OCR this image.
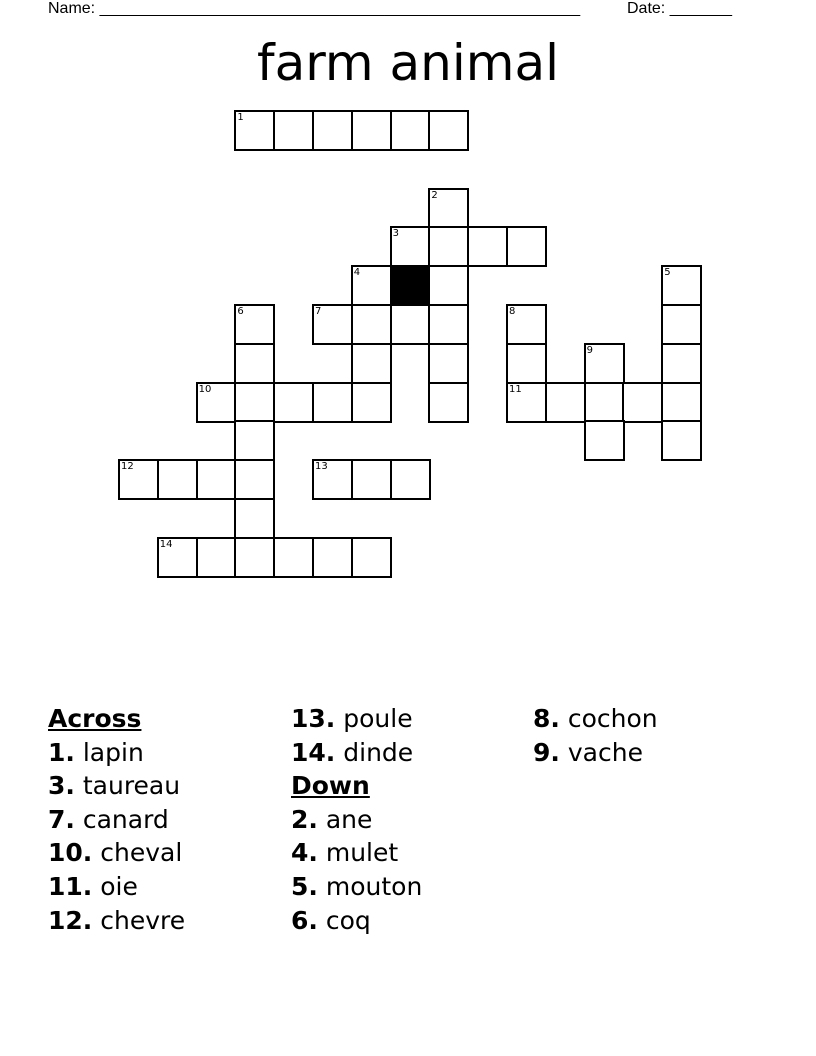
Name: ______________________________________________________	Date: _______
farm animal
1
2
3
4	5
6	7	8
9
10	11
12	13
14
Across
1. lapin
3. taureau
7. canard
10. cheval
11. oie
12. chevre
13. poule
14. dinde
Down
2. ane
4. mulet
5. mouton
6. coq
8. cochon
9. vache
